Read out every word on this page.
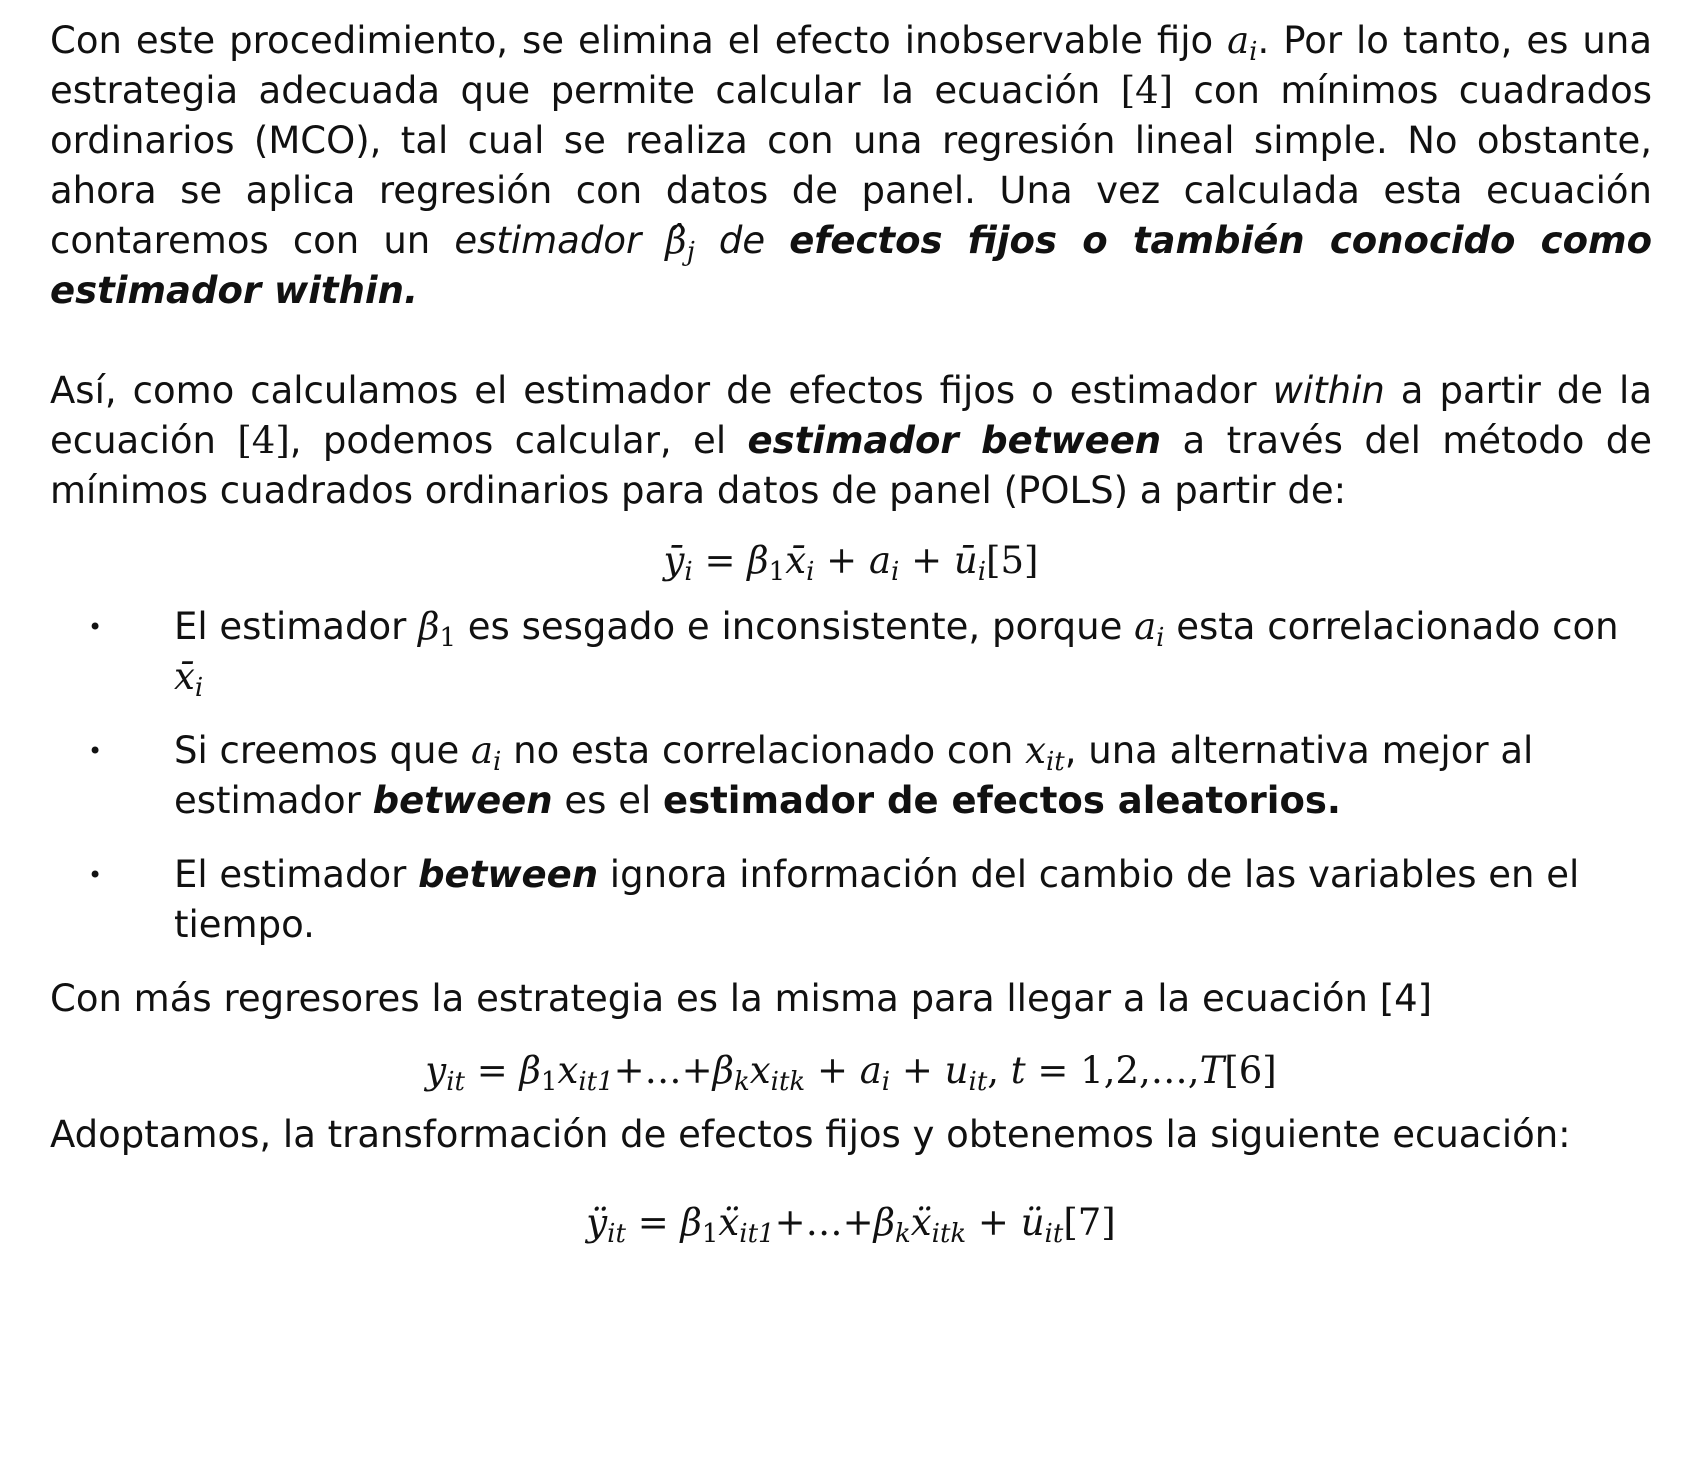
Con este procedimiento, se elimina el efecto inobservable fijo $a_i$. Por lo tanto, es una estrategia adecuada que permite calcular la ecuación [4] con mínimos cuadrados ordinarios (MCO), tal cual se realiza con una regresión lineal simple. No obstante, ahora se aplica regresión con datos de panel. Una vez calculada esta ecuación contaremos con un estimador $\betâ_j$ de efectos fijos o también conocido como estimador within.

Así, como calculamos el estimador de efectos fijos o estimador within a partir de la ecuación [4], podemos calcular, el estimador between a través del método de mínimos cuadrados ordinarios para datos de panel (POLS) a partir de:

$ȳ_i$ = $\beta_1x̄_i + a_i$ + $ū_i[5]$

• El estimador $\beta_1$ es sesgado e inconsistente, porque $a_i$ esta correlacionado con $x̄_i$
• Si creemos que $a_i$ no esta correlacionado con $x_{it}$, una alternativa mejor al estimador between es el estimador de efectos aleatorios.
• El estimador between ignora información del cambio de las variables en el tiempo.

Con más regresores la estrategia es la misma para llegar a la ecuación [4]

$y_{it}$ = $\beta_1x_{it1}+\dots+\beta_kx_{itk} + a_i + u_{it}$, t = 1,2,…,T[6]

Adoptamos, la transformación de efectos fijos y obtenemos la siguiente ecuación:

$ÿ_{it}$ = $\beta_1ẍ_{it1}+\dots+\beta_kẍ_{itk}$ + $ü_{it}[7]$
